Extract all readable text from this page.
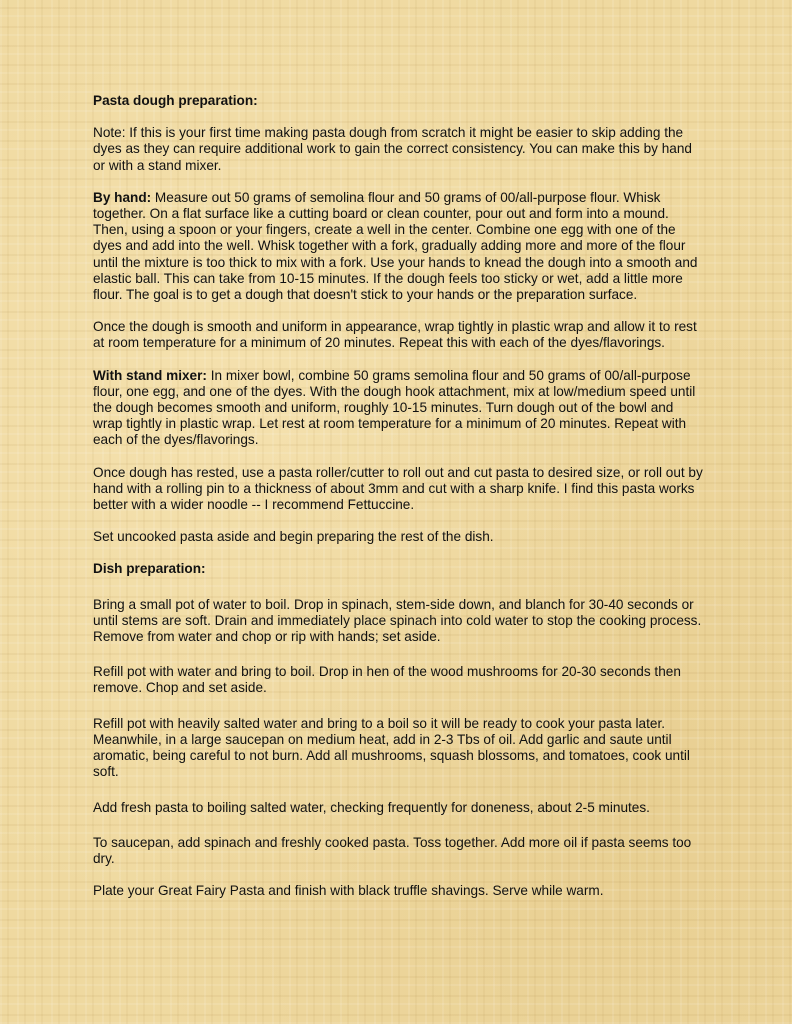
Pasta dough preparation:

Note: If this is your first time making pasta dough from scratch it might be easier to skip adding the dyes as they can require additional work to gain the correct consistency. You can make this by hand or with a stand mixer.

By hand: Measure out 50 grams of semolina flour and 50 grams of 00/all-purpose flour. Whisk together. On a flat surface like a cutting board or clean counter, pour out and form into a mound. Then, using a spoon or your fingers, create a well in the center. Combine one egg with one of the dyes and add into the well. Whisk together with a fork, gradually adding more and more of the flour until the mixture is too thick to mix with a fork. Use your hands to knead the dough into a smooth and elastic ball. This can take from 10-15 minutes. If the dough feels too sticky or wet, add a little more flour. The goal is to get a dough that doesn't stick to your hands or the preparation surface.

Once the dough is smooth and uniform in appearance, wrap tightly in plastic wrap and allow it to rest at room temperature for a minimum of 20 minutes. Repeat this with each of the dyes/flavorings.

With stand mixer: In mixer bowl, combine 50 grams semolina flour and 50 grams of 00/all-purpose flour, one egg, and one of the dyes. With the dough hook attachment, mix at low/medium speed until the dough becomes smooth and uniform, roughly 10-15 minutes. Turn dough out of the bowl and wrap tightly in plastic wrap. Let rest at room temperature for a minimum of 20 minutes. Repeat with each of the dyes/flavorings.

Once dough has rested, use a pasta roller/cutter to roll out and cut pasta to desired size, or roll out by hand with a rolling pin to a thickness of about 3mm and cut with a sharp knife. I find this pasta works better with a wider noodle -- I recommend Fettuccine.

Set uncooked pasta aside and begin preparing the rest of the dish.

Dish preparation:

Bring a small pot of water to boil. Drop in spinach, stem-side down, and blanch for 30-40 seconds or until stems are soft. Drain and immediately place spinach into cold water to stop the cooking process. Remove from water and chop or rip with hands; set aside.

Refill pot with water and bring to boil. Drop in hen of the wood mushrooms for 20-30 seconds then remove. Chop and set aside.

Refill pot with heavily salted water and bring to a boil so it will be ready to cook your pasta later. Meanwhile, in a large saucepan on medium heat, add in 2-3 Tbs of oil. Add garlic and saute until aromatic, being careful to not burn. Add all mushrooms, squash blossoms, and tomatoes, cook until soft.

Add fresh pasta to boiling salted water, checking frequently for doneness, about 2-5 minutes.

To saucepan, add spinach and freshly cooked pasta. Toss together. Add more oil if pasta seems too dry.

Plate your Great Fairy Pasta and finish with black truffle shavings. Serve while warm.
